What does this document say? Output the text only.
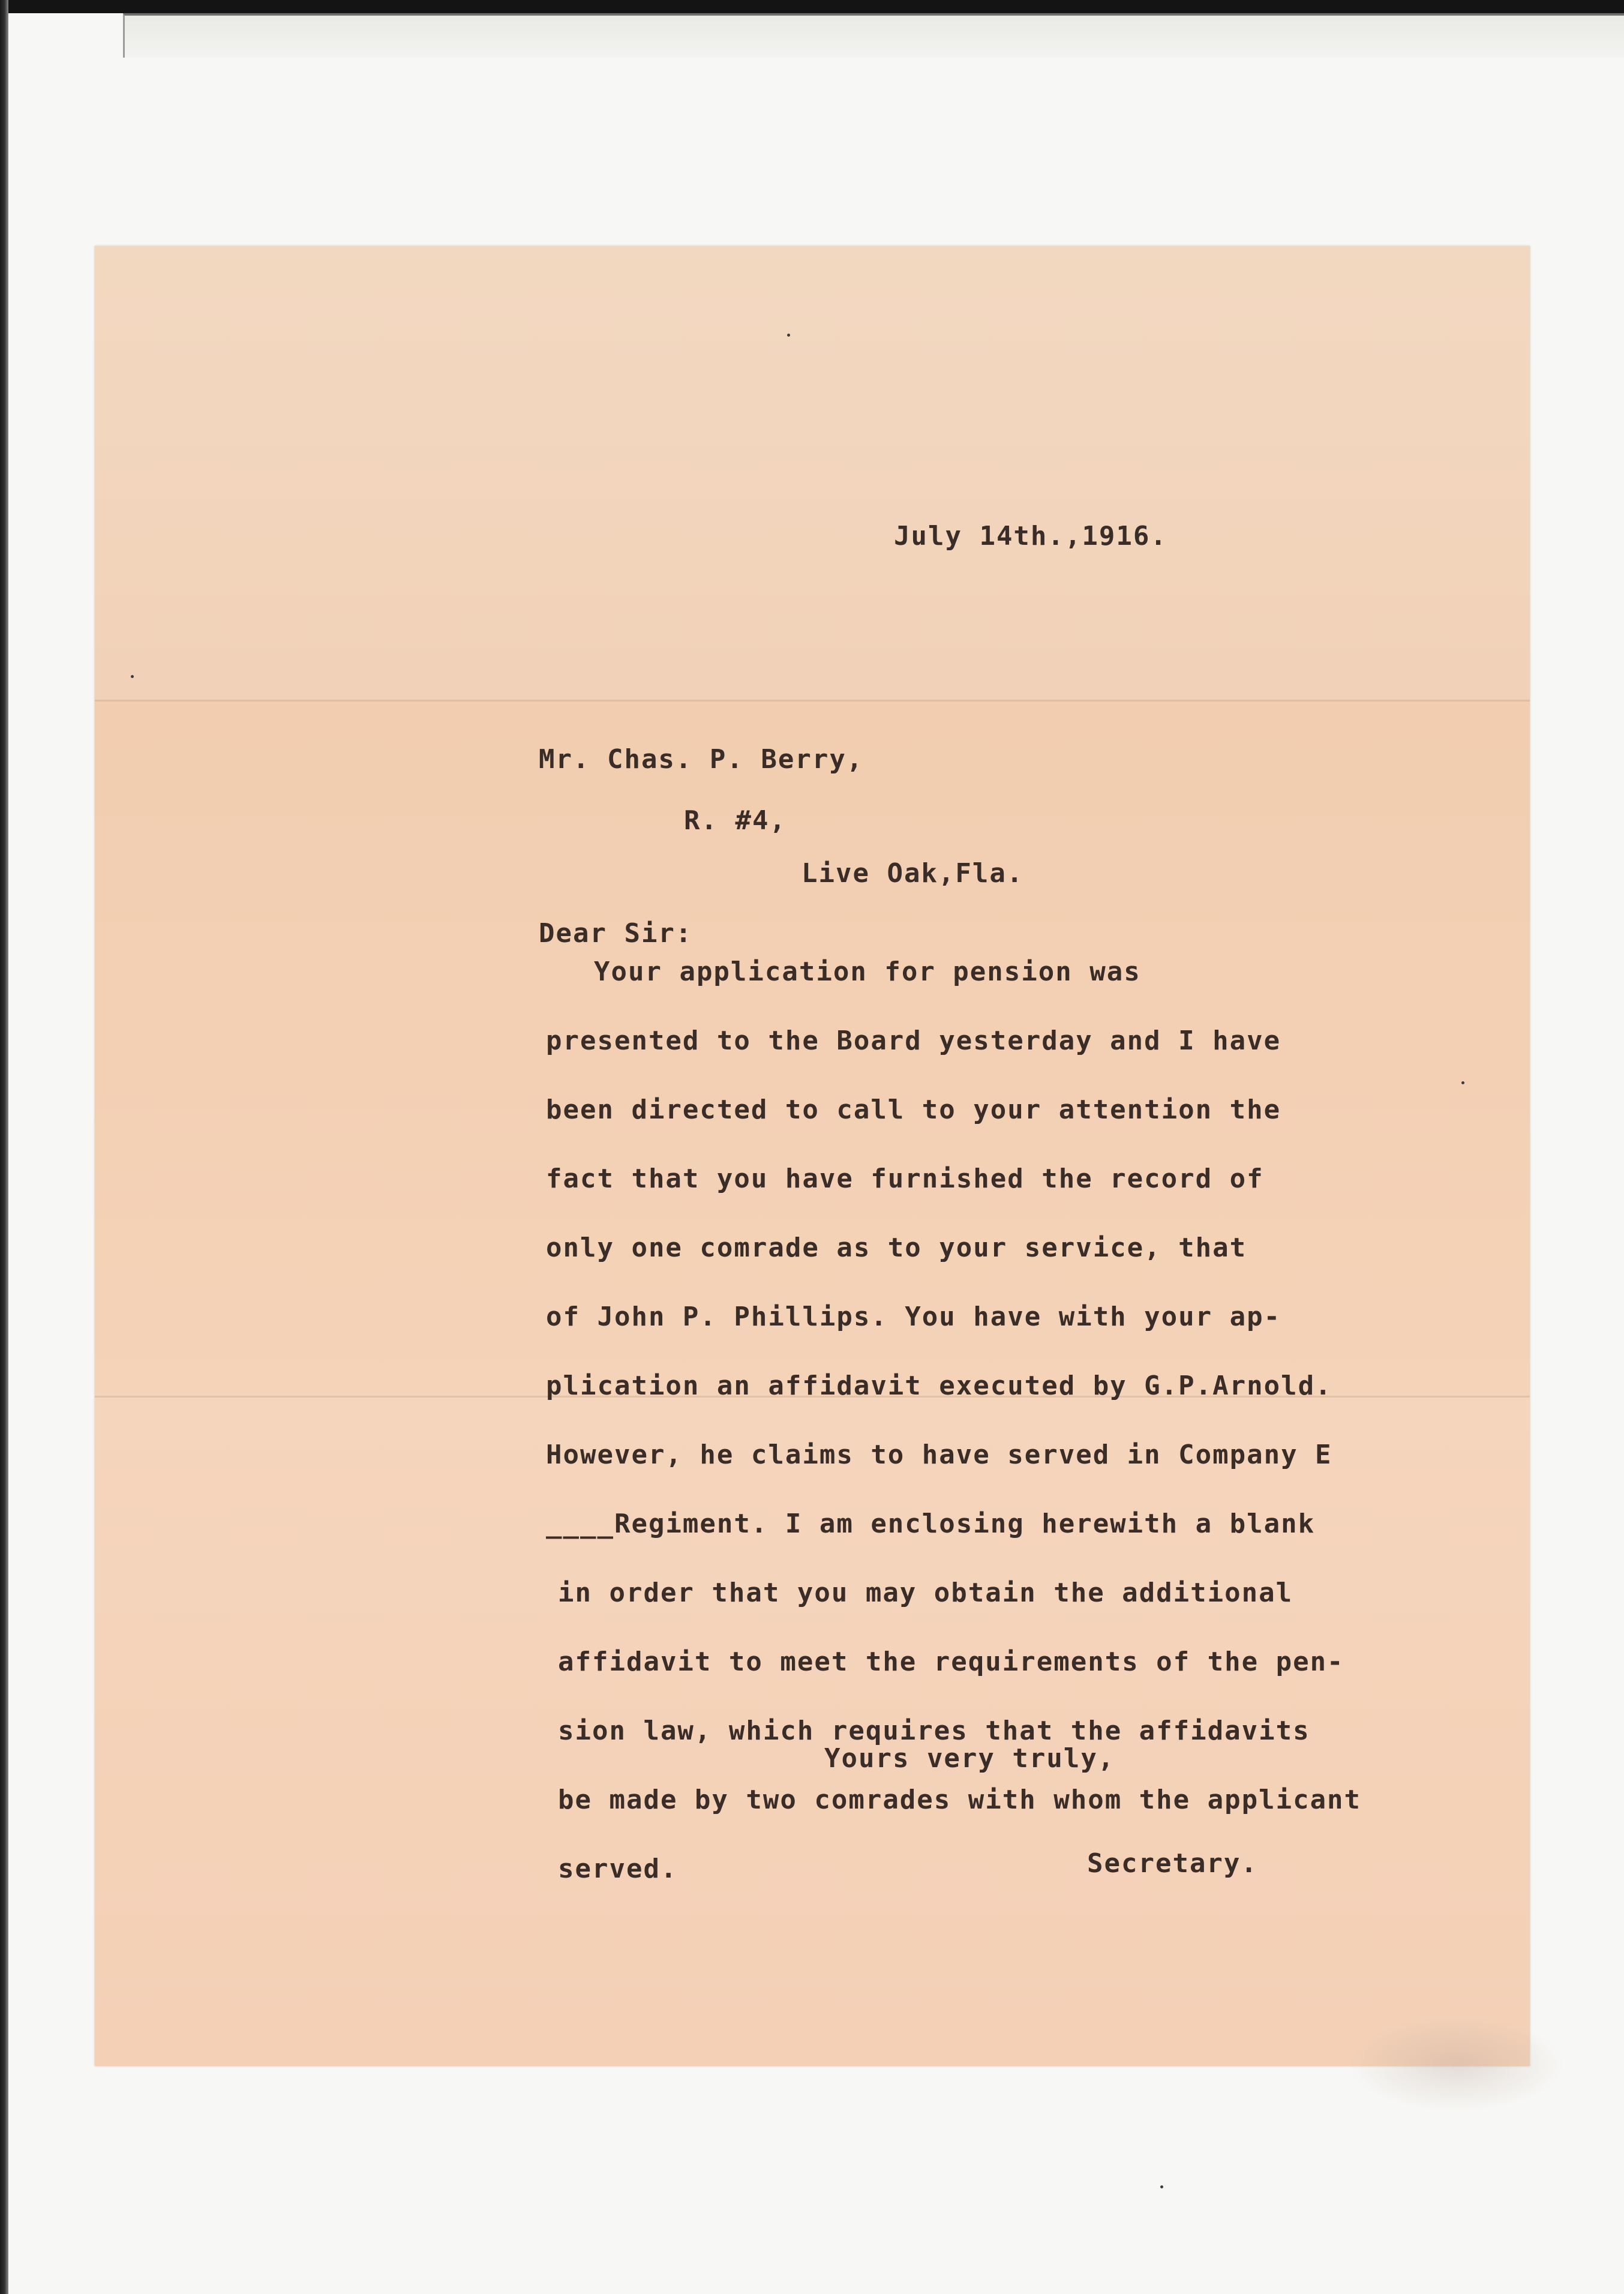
July 14th.,1916.

Mr. Chas. P. Berry,

R. #4,

Live Oak,Fla.

Dear Sir:

Your application for pension was
presented to the Board yesterday and I have
been directed to call to your attention the
fact that you have furnished the record of
only one comrade as to your service, that
of John P. Phillips. You have with your ap-
plication an affidavit executed by G.P.Arnold.
However, he claims to have served in Company E
____Regiment. I am enclosing herewith a blank
in order that you may obtain the additional
affidavit to meet the requirements of the pen-
sion law, which requires that the affidavits
be made by two comrades with whom the applicant
served.

Yours very truly,

Secretary.
